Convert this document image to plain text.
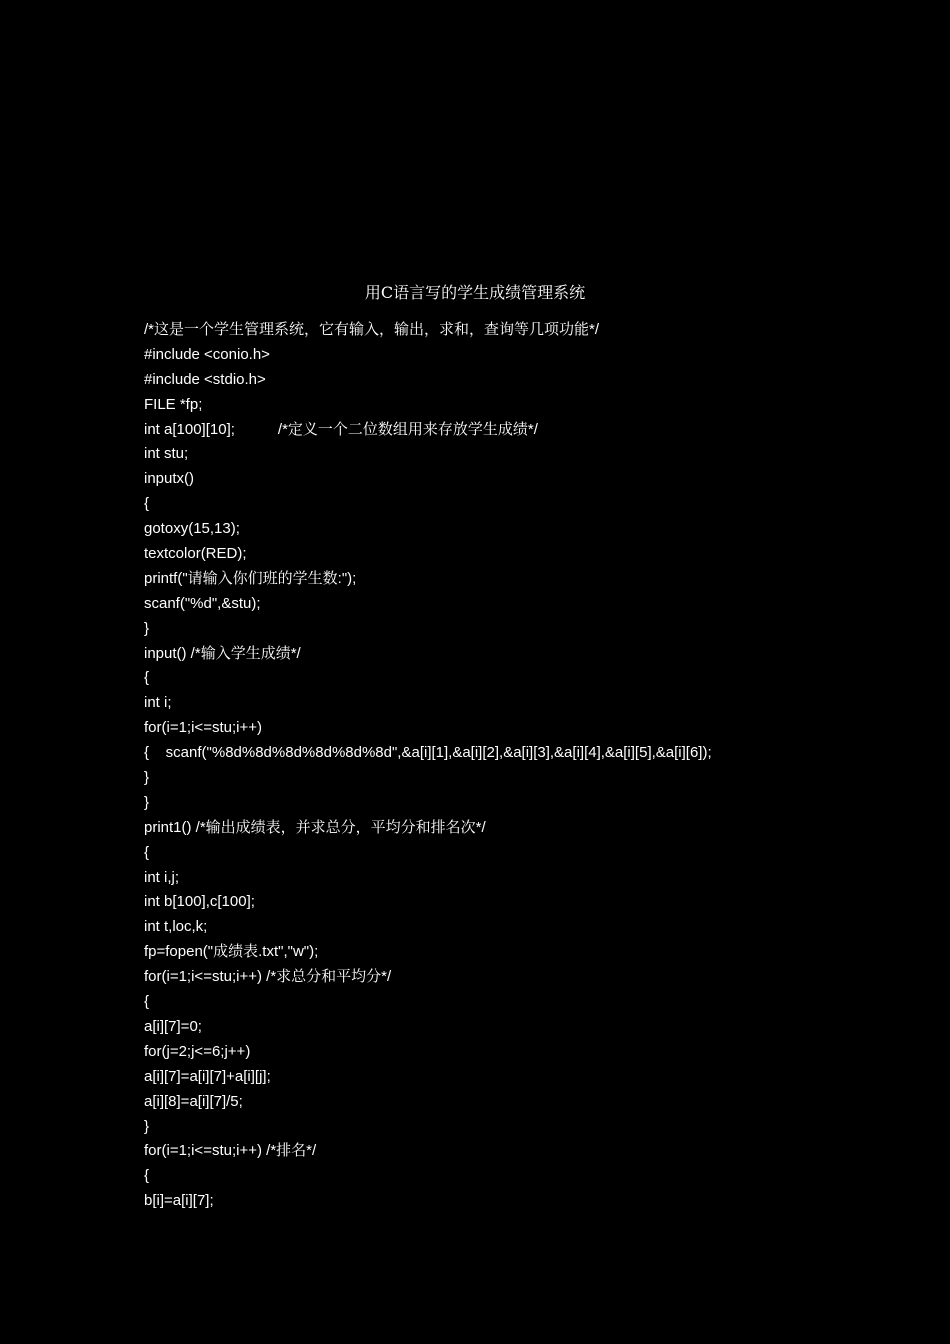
用C语言写的学生成绩管理系统
/*这是一个学生管理系统，它有输入，输出，求和，查询等几项功能*/
#include <conio.h>
#include <stdio.h>
FILE *fp;
int a[100][10];	/*定义一个二位数组用来存放学生成绩*/
int stu;
inputx()
{
gotoxy(15,13);
textcolor(RED);
printf("请输入你们班的学生数:");
scanf("%d",&stu);
}
input() /*输入学生成绩*/
{
int i;
for(i=1;i<=stu;i++)
{    scanf("%8d%8d%8d%8d%8d%8d",&a[i][1],&a[i][2],&a[i][3],&a[i][4],&a[i][5],&a[i][6]);
}
}
print1() /*输出成绩表，并求总分，平均分和排名次*/
{
int i,j;
int b[100],c[100];
int t,loc,k;
fp=fopen("成绩表.txt","w");
for(i=1;i<=stu;i++) /*求总分和平均分*/
{
a[i][7]=0;
for(j=2;j<=6;j++)
a[i][7]=a[i][7]+a[i][j];
a[i][8]=a[i][7]/5;
}
for(i=1;i<=stu;i++) /*排名*/
{
b[i]=a[i][7];
